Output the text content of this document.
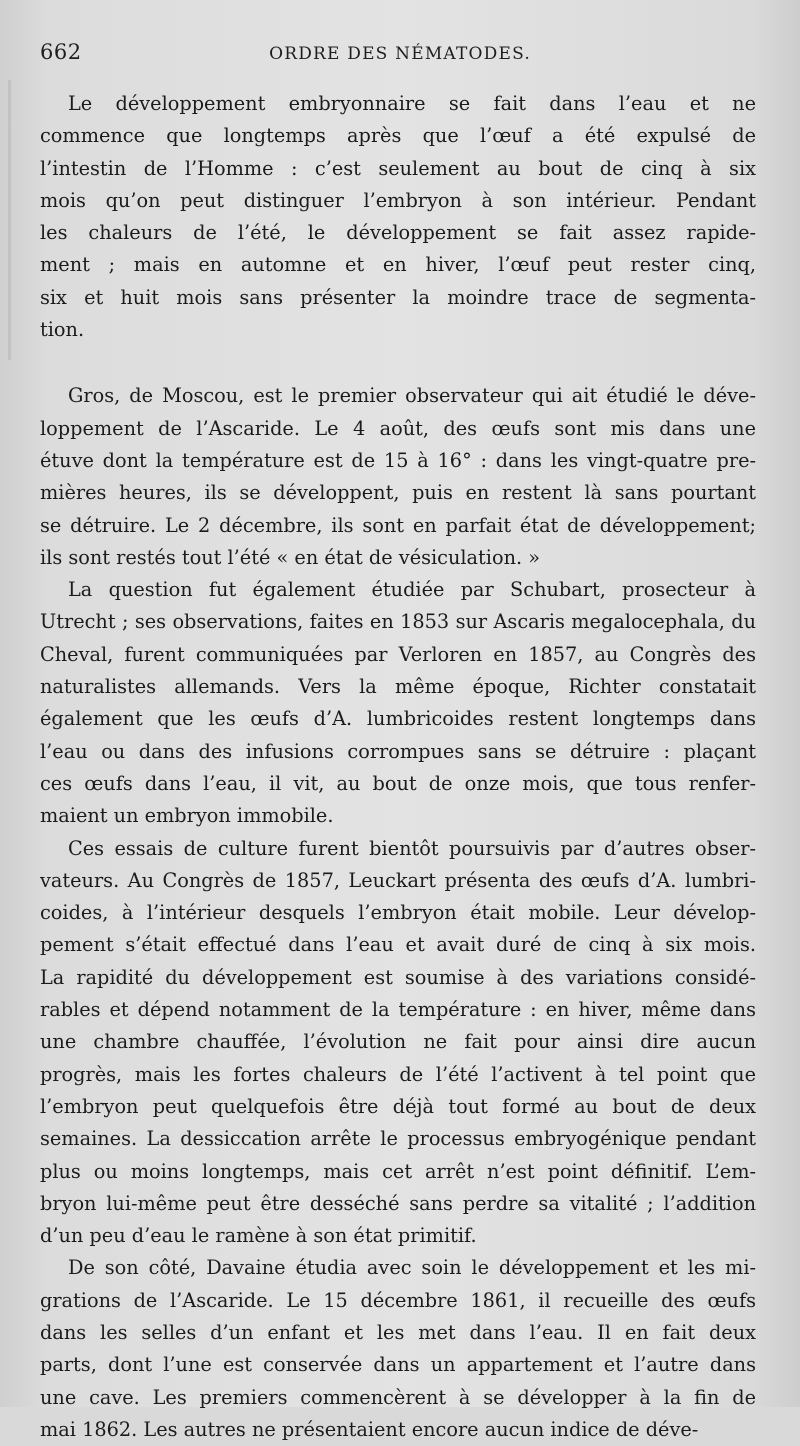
662	ORDRE DES NÉMATODES.
Le développement embryonnaire se fait dans l’eau et ne
commence que longtemps après que l’œuf a été expulsé de
l’intestin de l’Homme : c’est seulement au bout de cinq à six
mois qu’on peut distinguer l’embryon à son intérieur. Pendant
les chaleurs de l’été, le développement se fait assez rapide-
ment ; mais en automne et en hiver, l’œuf peut rester cinq,
six et huit mois sans présenter la moindre trace de segmenta-
tion.
Gros, de Moscou, est le premier observateur qui ait étudié le déve-
loppement de l’Ascaride. Le 4 août, des œufs sont mis dans une
étuve dont la température est de 15 à 16° : dans les vingt-quatre pre-
mières heures, ils se développent, puis en restent là sans pourtant
se détruire. Le 2 décembre, ils sont en parfait état de développement;
ils sont restés tout l’été « en état de vésiculation. »
La question fut également étudiée par Schubart, prosecteur à
Utrecht ; ses observations, faites en 1853 sur Ascaris megalocephala, du
Cheval, furent communiquées par Verloren en 1857, au Congrès des
naturalistes allemands. Vers la même époque, Richter constatait
également que les œufs d’A. lumbricoides restent longtemps dans
l’eau ou dans des infusions corrompues sans se détruire : plaçant
ces œufs dans l’eau, il vit, au bout de onze mois, que tous renfer-
maient un embryon immobile.
Ces essais de culture furent bientôt poursuivis par d’autres obser-
vateurs. Au Congrès de 1857, Leuckart présenta des œufs d’A. lumbri-
coides, à l’intérieur desquels l’embryon était mobile. Leur dévelop-
pement s’était effectué dans l’eau et avait duré de cinq à six mois.
La rapidité du développement est soumise à des variations considé-
rables et dépend notamment de la température : en hiver, même dans
une chambre chauffée, l’évolution ne fait pour ainsi dire aucun
progrès, mais les fortes chaleurs de l’été l’activent à tel point que
l’embryon peut quelquefois être déjà tout formé au bout de deux
semaines. La dessiccation arrête le processus embryogénique pendant
plus ou moins longtemps, mais cet arrêt n’est point définitif. L’em-
bryon lui-même peut être desséché sans perdre sa vitalité ; l’addition
d’un peu d’eau le ramène à son état primitif.
De son côté, Davaine étudia avec soin le développement et les mi-
grations de l’Ascaride. Le 15 décembre 1861, il recueille des œufs
dans les selles d’un enfant et les met dans l’eau. Il en fait deux
parts, dont l’une est conservée dans un appartement et l’autre dans
une cave. Les premiers commencèrent à se développer à la fin de
mai 1862. Les autres ne présentaient encore aucun indice de déve-
